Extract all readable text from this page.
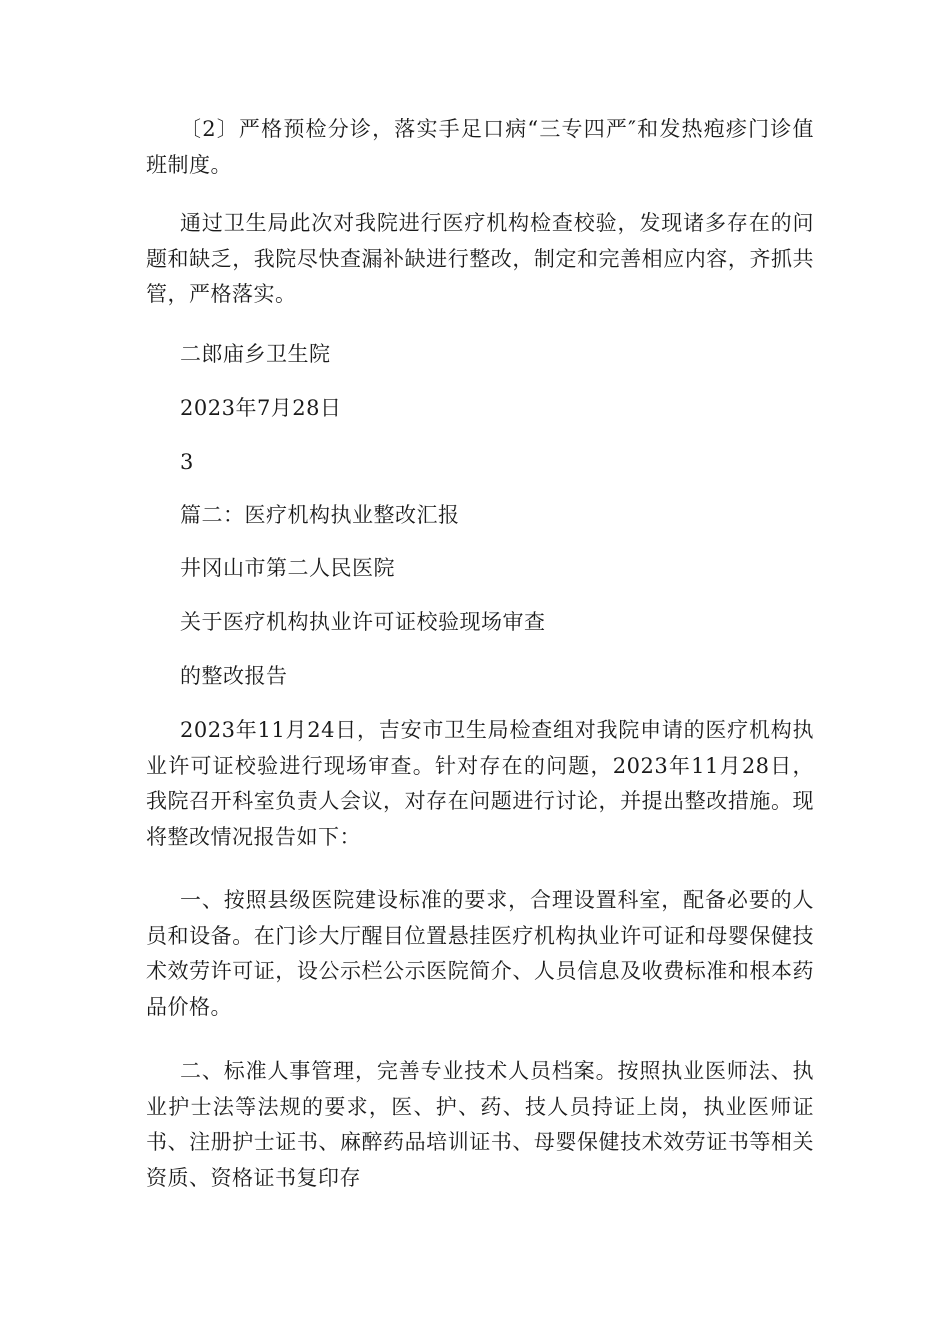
〔2〕严格预检分诊，落实手足口病“三专四严″和发热疱疹门诊值班制度。

通过卫生局此次对我院进行医疗机构检查校验，发现诸多存在的问题和缺乏，我院尽快查漏补缺进行整改，制定和完善相应内容，齐抓共管，严格落实。

二郎庙乡卫生院

2023年7月28日

3

篇二：医疗机构执业整改汇报

井冈山市第二人民医院

关于医疗机构执业许可证校验现场审查

的整改报告

2023年11月24日，吉安市卫生局检查组对我院申请的医疗机构执业许可证校验进行现场审查。针对存在的问题，2023年11月28日，我院召开科室负责人会议，对存在问题进行讨论，并提出整改措施。现将整改情况报告如下：

一、按照县级医院建设标准的要求，合理设置科室，配备必要的人员和设备。在门诊大厅醒目位置悬挂医疗机构执业许可证和母婴保健技术效劳许可证，设公示栏公示医院简介、人员信息及收费标准和根本药品价格。

二、标准人事管理，完善专业技术人员档案。按照执业医师法、执业护士法等法规的要求，医、护、药、技人员持证上岗，执业医师证书、注册护士证书、麻醉药品培训证书、母婴保健技术效劳证书等相关资质、资格证书复印存
